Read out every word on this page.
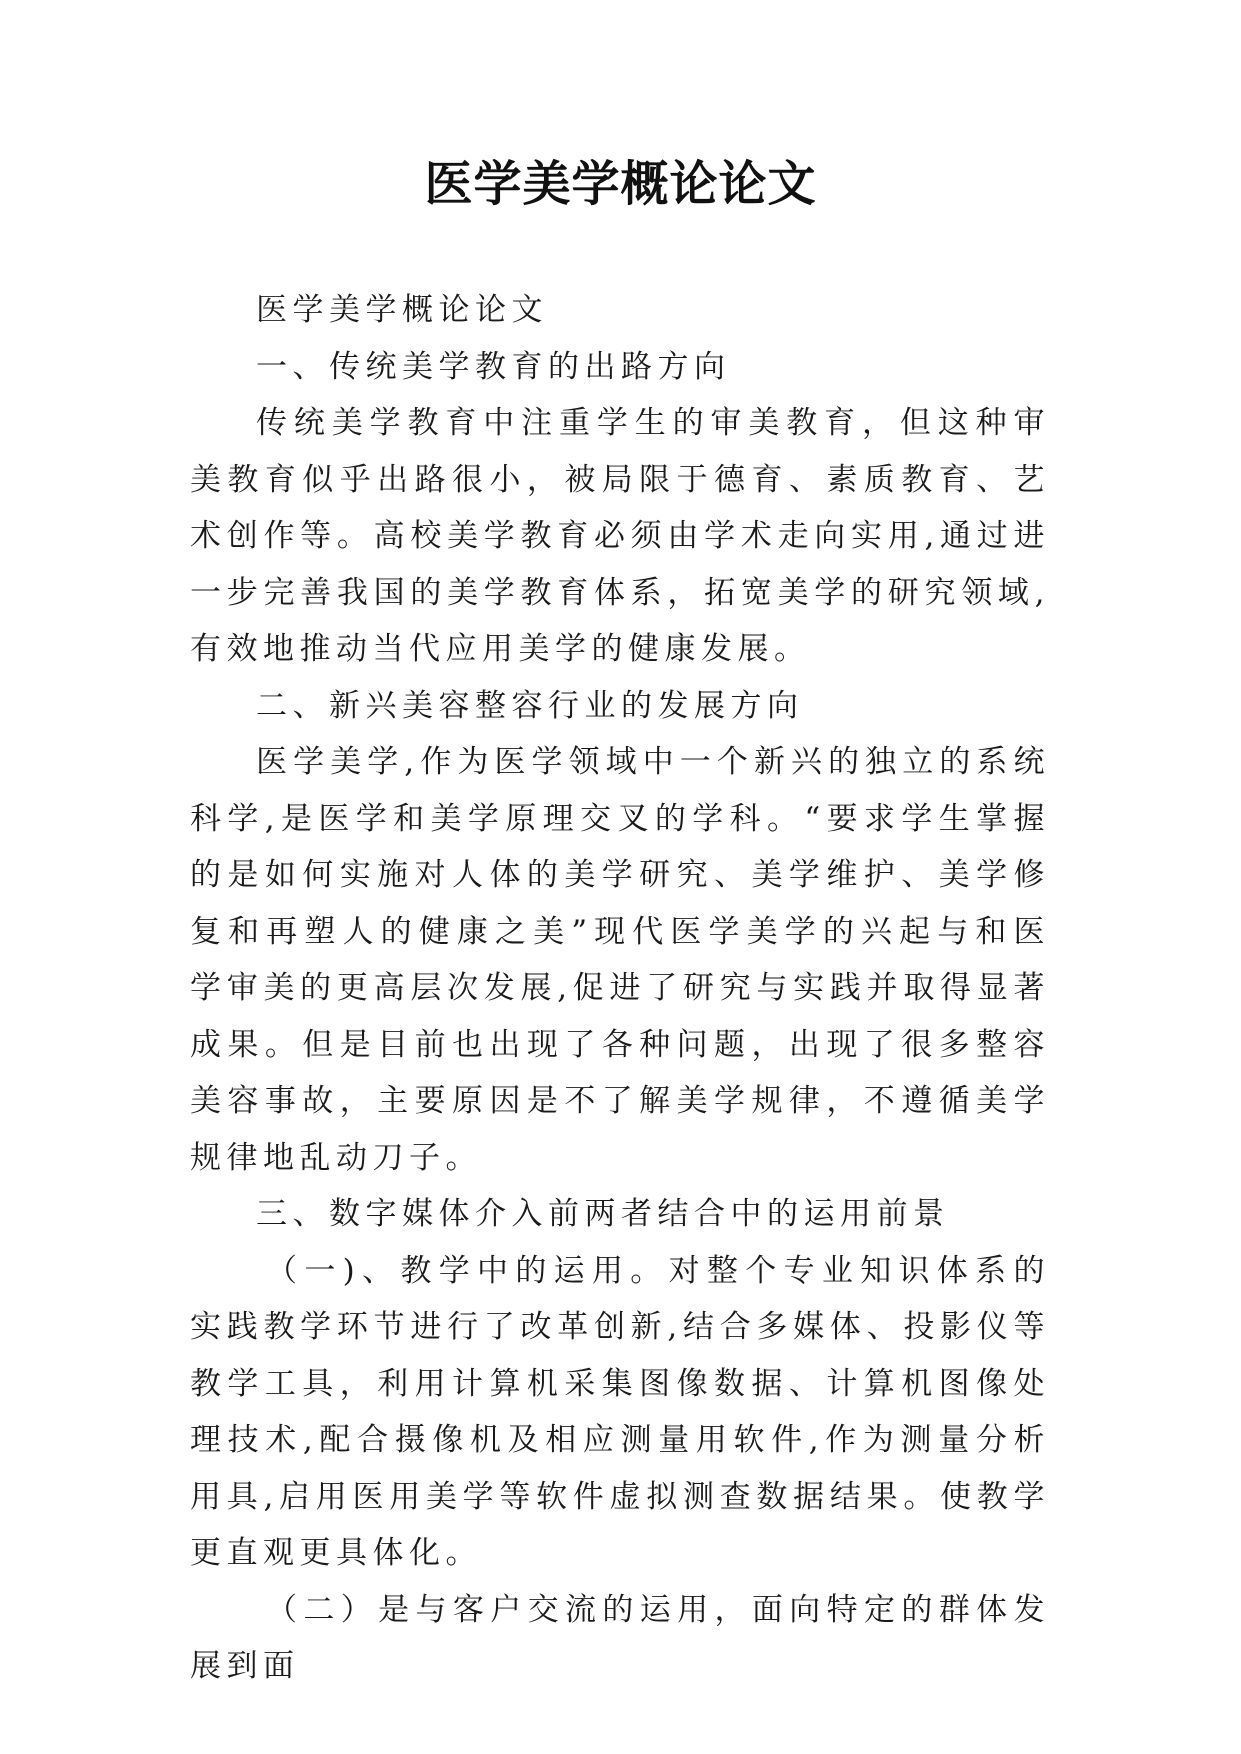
医学美学概论论文

医学美学概论论文

一、传统美学教育的出路方向

传统美学教育中注重学生的审美教育，但这种审美教育似乎出路很小，被局限于德育、素质教育、艺术创作等。高校美学教育必须由学术走向实用,通过进一步完善我国的美学教育体系，拓宽美学的研究领域,有效地推动当代应用美学的健康发展。

二、新兴美容整容行业的发展方向

医学美学,作为医学领域中一个新兴的独立的系统科学,是医学和美学原理交叉的学科。“要求学生掌握的是如何实施对人体的美学研究、美学维护、美学修复和再塑人的健康之美”现代医学美学的兴起与和医学审美的更高层次发展,促进了研究与实践并取得显著成果。但是目前也出现了各种问题，出现了很多整容美容事故，主要原因是不了解美学规律，不遵循美学规律地乱动刀子。

三、数字媒体介入前两者结合中的运用前景

（一)、教学中的运用。对整个专业知识体系的实践教学环节进行了改革创新,结合多媒体、投影仪等教学工具，利用计算机采集图像数据、计算机图像处理技术,配合摄像机及相应测量用软件,作为测量分析用具,启用医用美学等软件虚拟测查数据结果。使教学更直观更具体化。

（二）是与客户交流的运用，面向特定的群体发展到面
